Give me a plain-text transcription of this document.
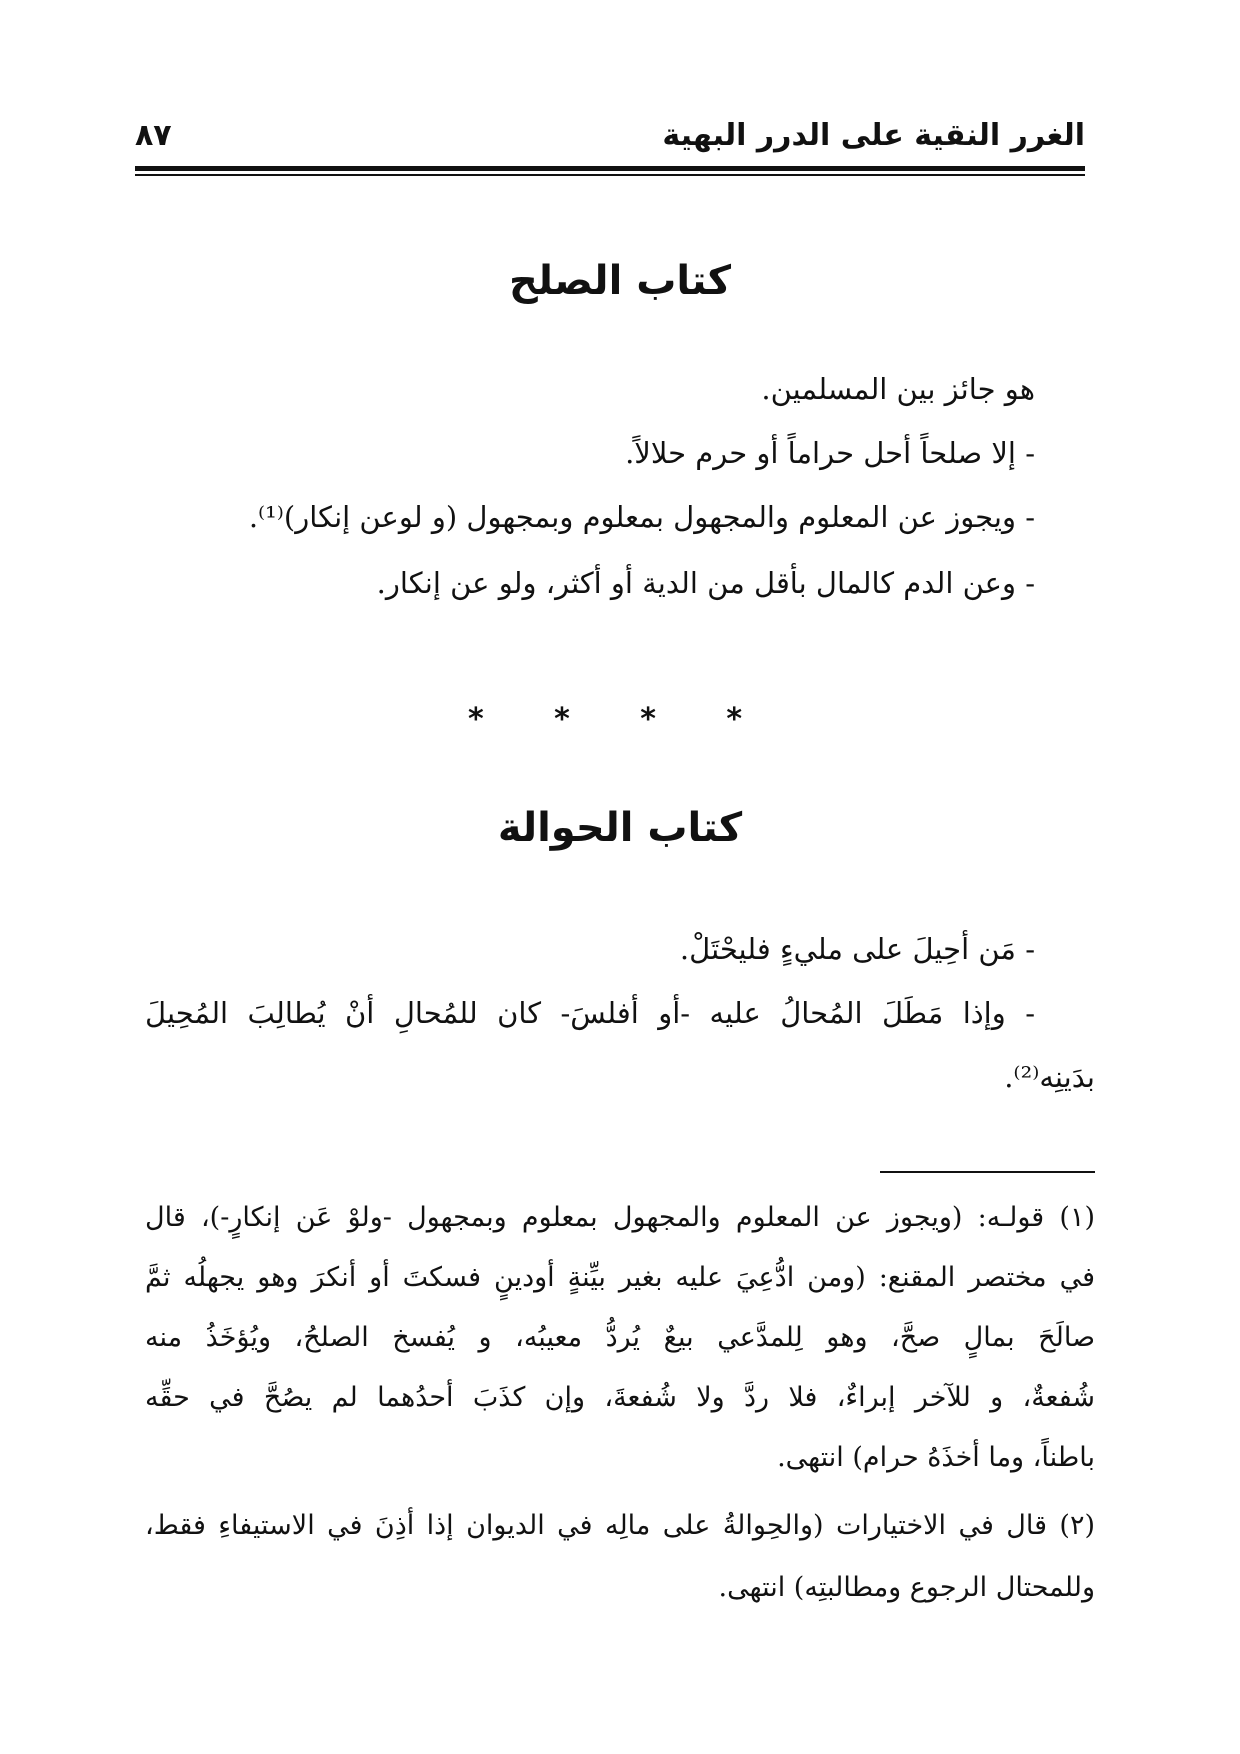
الغرر النقية على الدرر البهية
٨٧
كتاب الصلح
هو جائز بين المسلمين.
- إلا صلحاً أحل حراماً أو حرم حلالاً.
- ويجوز عن المعلوم والمجهول بمعلوم وبمجهول (و لوعن إنكار)⁽¹⁾.
- وعن الدم كالمال بأقل من الدية أو أكثر، ولو عن إنكار.
* * * *
كتاب الحوالة
- مَن أحِيلَ على مليءٍ فليحْتَلْ.
- وإذا مَطَلَ المُحالُ عليه -أو أفلسَ- كان للمُحالِ أنْ يُطالِبَ المُحِيلَ
بدَينِه⁽²⁾.
(١) قولـه: (ويجوز عن المعلوم والمجهول بمعلوم وبمجهول -ولوْ عَن إنكارٍ-)، قال
في مختصر المقنع: (ومن ادُّعِيَ عليه بغير بيِّنةٍ أودينٍ فسكتَ أو أنكرَ وهو يجهلُه ثمَّ
صالَحَ بمالٍ صحَّ، وهو لِلمدَّعي بيعٌ يُردُّ معيبُه، و يُفسخ الصلحُ، ويُؤخَذُ منه
شُفعةٌ، و للآخر إبراءٌ، فلا ردَّ ولا شُفعةَ، وإن كذَبَ أحدُهما لم يصُحَّ في حقِّه
باطناً، وما أخذَهُ حرام) انتهى.
(٢) قال في الاختيارات (والحِوالةُ على مالِه في الديوان إذا أذِنَ في الاستيفاءِ فقط،
وللمحتال الرجوع ومطالبتِه) انتهى.
